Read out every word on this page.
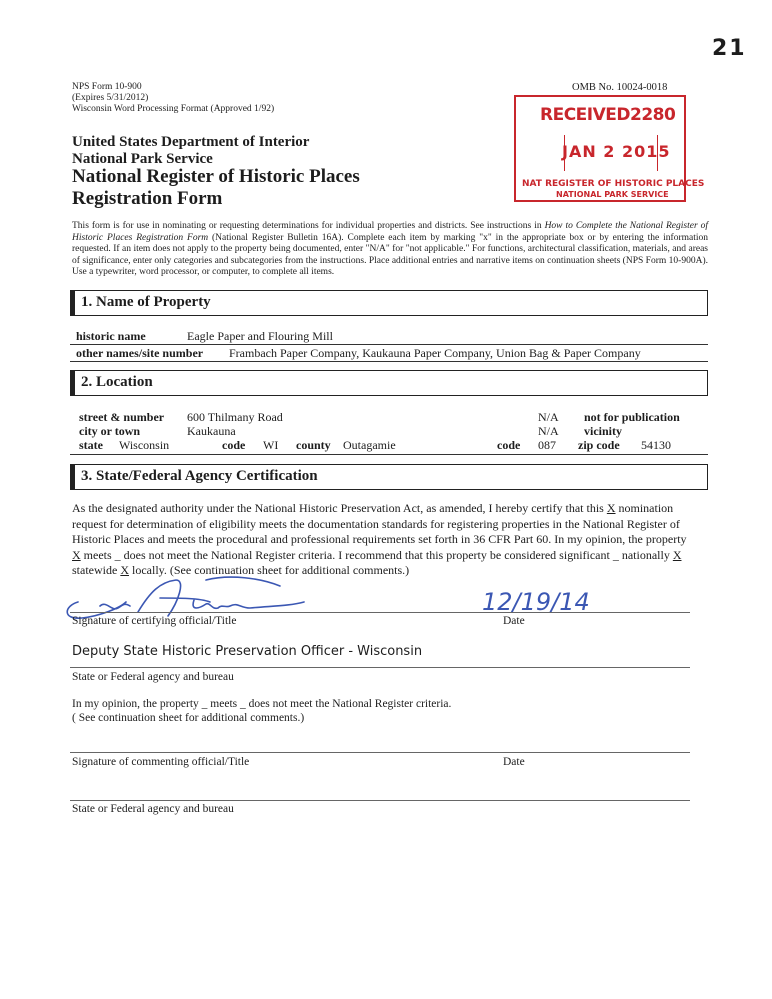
21
NPS Form 10-900
(Expires 5/31/2012)
Wisconsin Word Processing Format (Approved 1/92)
OMB No. 10024-0018
RECEIVED2280
JAN 2 2015
NAT REGISTER OF HISTORIC PLACES
NATIONAL PARK SERVICE
United States Department of Interior
National Park Service
National Register of Historic Places
Registration Form
This form is for use in nominating or requesting determinations for individual properties and districts. See instructions in How to Complete the National Register of Historic Places Registration Form (National Register Bulletin 16A). Complete each item by marking "x" in the appropriate box or by entering the information requested. If an item does not apply to the property being documented, enter "N/A" for "not applicable." For functions, architectural classification, materials, and areas of significance, enter only categories and subcategories from the instructions. Place additional entries and narrative items on continuation sheets (NPS Form 10-900A). Use a typewriter, word processor, or computer, to complete all items.
1. Name of Property
historic name	Eagle Paper and Flouring Mill
other names/site number Frambach Paper Company, Kaukauna Paper Company, Union Bag & Paper Company
2. Location
street & number 600 Thilmany Road	N/A not for publication
city or town	Kaukauna	N/A vicinity
state Wisconsin	code WI county Outagamie	code 087 zip code 54130
3. State/Federal Agency Certification
As the designated authority under the National Historic Preservation Act, as amended, I hereby certify that this X nomination request for determination of eligibility meets the documentation standards for registering properties in the National Register of Historic Places and meets the procedural and professional requirements set forth in 36 CFR Part 60. In my opinion, the property X meets _ does not meet the National Register criteria. I recommend that this property be considered significant _ nationally X statewide X locally. (See continuation sheet for additional comments.)
12/19/14
Signature of certifying official/Title	Date
Deputy State Historic Preservation Officer - Wisconsin
State or Federal agency and bureau
In my opinion, the property _ meets _ does not meet the National Register criteria.
( See continuation sheet for additional comments.)
Signature of commenting official/Title	Date
State or Federal agency and bureau
